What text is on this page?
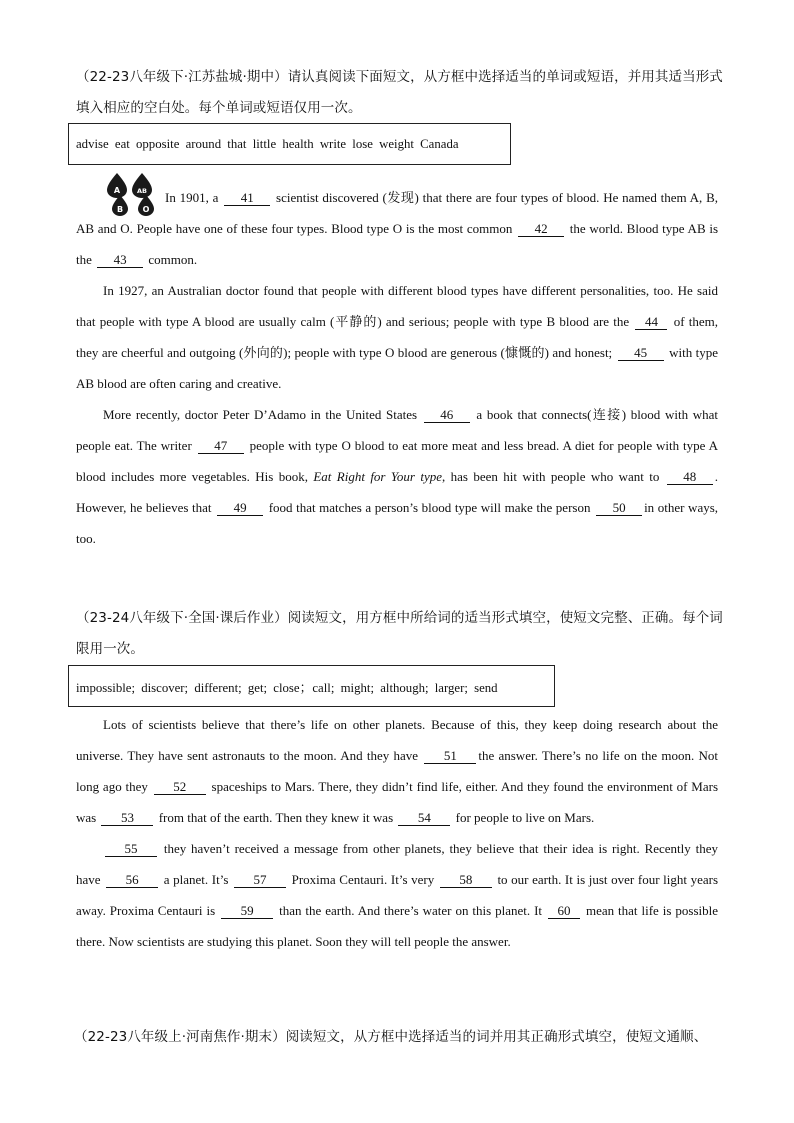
（22-23八年级下·江苏盐城·期中）请认真阅读下面短文，从方框中选择适当的单词或短语，并用其适当形式填入相应的空白处。每个单词或短语仅用一次。
advise eat opposite around that little health write lose weight Canada
A	AB
B O

In 1901, a 41 scientist discovered (发现) that there are four types of blood. He named them A, B, AB and O. People have one of these four types. Blood type O is the most common 42 the world. Blood type AB is the 43 common.

In 1927, an Australian doctor found that people with different blood types have different personalities, too. He said that people with type A blood are usually calm (平静的) and serious; people with type B blood are the 44 of them, they are cheerful and outgoing (外向的); people with type O blood are generous (慷慨的) and honest; 45 with type AB blood are often caring and creative.

More recently, doctor Peter D’Adamo in the United States 46 a book that connects(连接) blood with what people eat. The writer 47 people with type O blood to eat more meat and less bread. A diet for people with type A blood includes more vegetables. His book, Eat Right for Your type, has been hit with people who want to 48 . However, he believes that 49 food that matches a person’s blood type will make the person 50 in other ways, too.

（23-24八年级下·全国·课后作业）阅读短文，用方框中所给词的适当形式填空，使短文完整、正确。每个词限用一次。
impossible; discover; different; get; close；call; might; although; larger; send

Lots of scientists believe that there’s life on other planets. Because of this, they keep doing research about the universe. They have sent astronauts to the moon. And they have 51 the answer. There’s no life on the moon. Not long ago they 52 spaceships to Mars. There, they didn’t find life, either. And they found the environment of Mars was 53 from that of the earth. Then they knew it was 54 for people to live on Mars.

55 they haven’t received a message from other planets, they believe that their idea is right. Recently they have 56 a planet. It’s 57 Proxima Centauri. It’s very 58 to our earth. It is just over four light years away. Proxima Centauri is 59 than the earth. And there’s water on this planet. It 60 mean that life is possible there. Now scientists are studying this planet. Soon they will tell people the answer.

（22-23八年级上·河南焦作·期末）阅读短文，从方框中选择适当的词并用其正确形式填空，使短文通顺、
